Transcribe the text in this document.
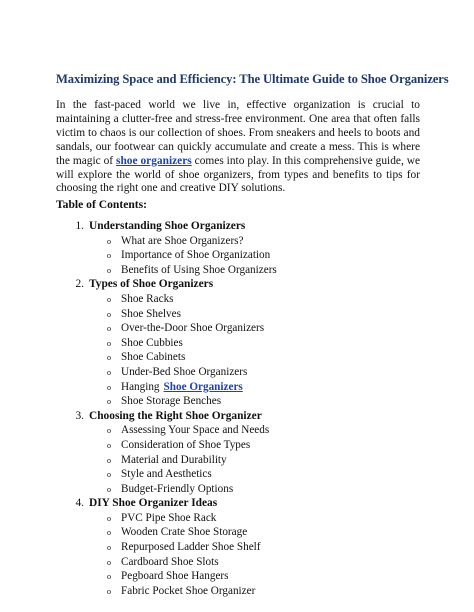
Maximizing Space and Efficiency: The Ultimate Guide to Shoe Organizers
In the fast-paced world we live in, effective organization is crucial to maintaining a clutter-free and stress-free environment. One area that often falls victim to chaos is our collection of shoes. From sneakers and heels to boots and sandals, our footwear can quickly accumulate and create a mess. This is where the magic of shoe organizers comes into play. In this comprehensive guide, we will explore the world of shoe organizers, from types and benefits to tips for choosing the right one and creative DIY solutions.
Table of Contents:
1. Understanding Shoe Organizers
o What are Shoe Organizers?
o Importance of Shoe Organization
o Benefits of Using Shoe Organizers
2. Types of Shoe Organizers
o Shoe Racks
o Shoe Shelves
o Over-the-Door Shoe Organizers
o Shoe Cubbies
o Shoe Cabinets
o Under-Bed Shoe Organizers
o Hanging Shoe Organizers
o Shoe Storage Benches
3. Choosing the Right Shoe Organizer
o Assessing Your Space and Needs
o Consideration of Shoe Types
o Material and Durability
o Style and Aesthetics
o Budget-Friendly Options
4. DIY Shoe Organizer Ideas
o PVC Pipe Shoe Rack
o Wooden Crate Shoe Storage
o Repurposed Ladder Shoe Shelf
o Cardboard Shoe Slots
o Pegboard Shoe Hangers
o Fabric Pocket Shoe Organizer
